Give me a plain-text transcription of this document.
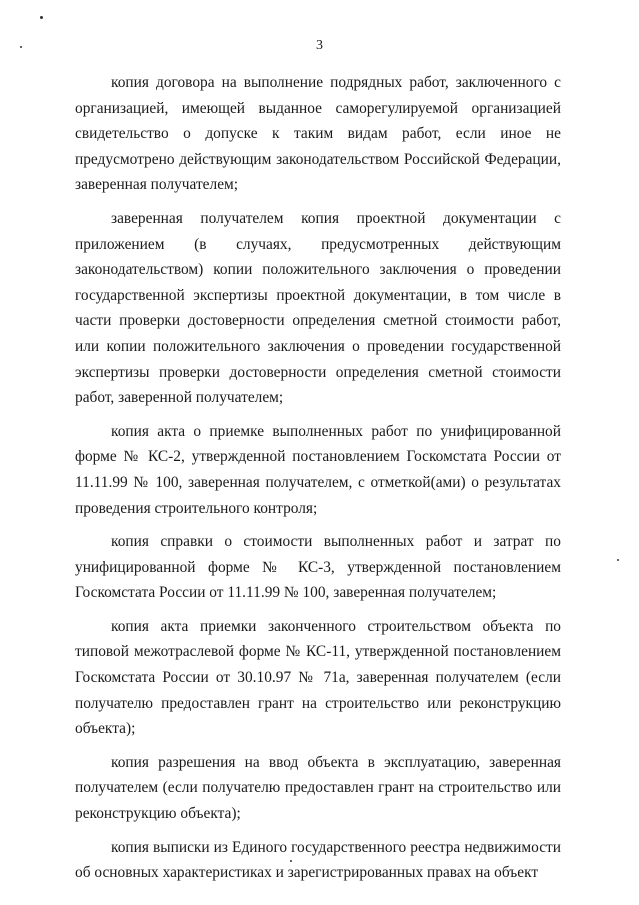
3

копия договора на выполнение подрядных работ, заключенного с организацией, имеющей выданное саморегулируемой организацией свидетельство о допуске к таким видам работ, если иное не предусмотрено действующим законодательством Российской Федерации, заверенная получателем;

заверенная получателем копия проектной документации с приложением (в случаях, предусмотренных действующим законодательством) копии положительного заключения о проведении государственной экспертизы проектной документации, в том числе в части проверки достоверности определения сметной стоимости работ, или копии положительного заключения о проведении государственной экспертизы проверки достоверности определения сметной стоимости работ, заверенной получателем;

копия акта о приемке выполненных работ по унифицированной форме № КС-2, утвержденной постановлением Госкомстата России от 11.11.99 № 100, заверенная получателем, с отметкой(ами) о результатах проведения строительного контроля;

копия справки о стоимости выполненных работ и затрат по унифицированной форме № КС-3, утвержденной постановлением Госкомстата России от 11.11.99 № 100, заверенная получателем;

копия акта приемки законченного строительством объекта по типовой межотраслевой форме № КС-11, утвержденной постановлением Госкомстата России от 30.10.97 № 71а, заверенная получателем (если получателю предоставлен грант на строительство или реконструкцию объекта);

копия разрешения на ввод объекта в эксплуатацию, заверенная получателем (если получателю предоставлен грант на строительство или реконструкцию объекта);

копия выписки из Единого государственного реестра недвижимости об основных характеристиках и зарегистрированных правах на объект
